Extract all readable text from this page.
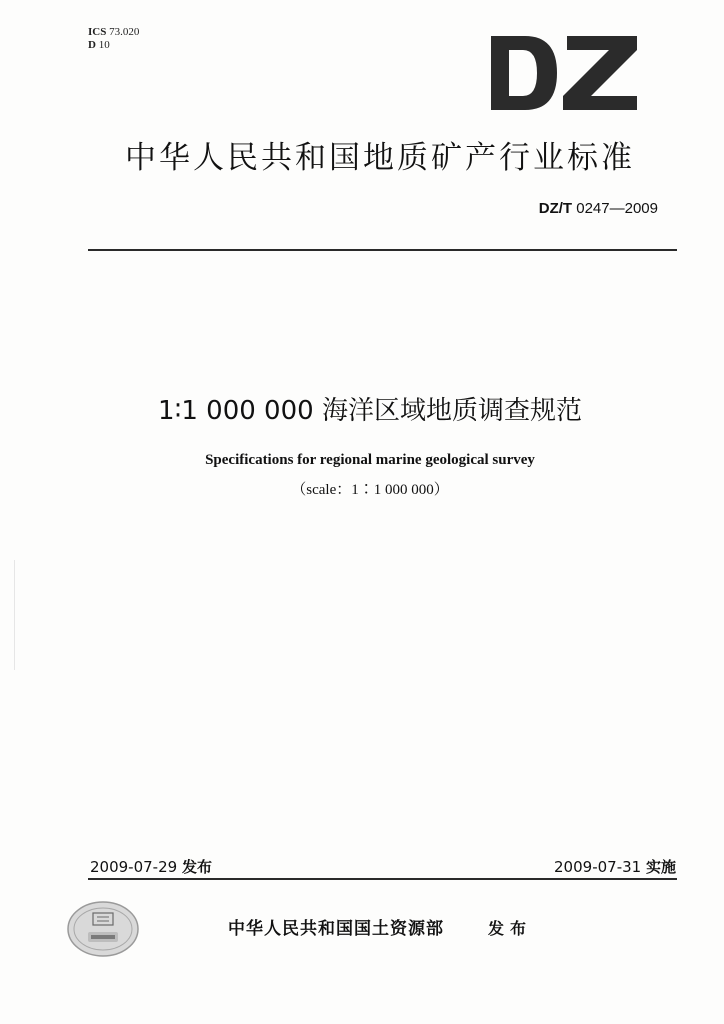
ICS 73.020
D 10
中华人民共和国地质矿产行业标准
DZ/T 0247—2009
1∶1 000 000 海洋区域地质调查规范
Specifications for regional marine geological survey
（scale：1∶1 000 000）
2009-07-29 发布	2009-07-31 实施
中华人民共和国国土资源部	发布
